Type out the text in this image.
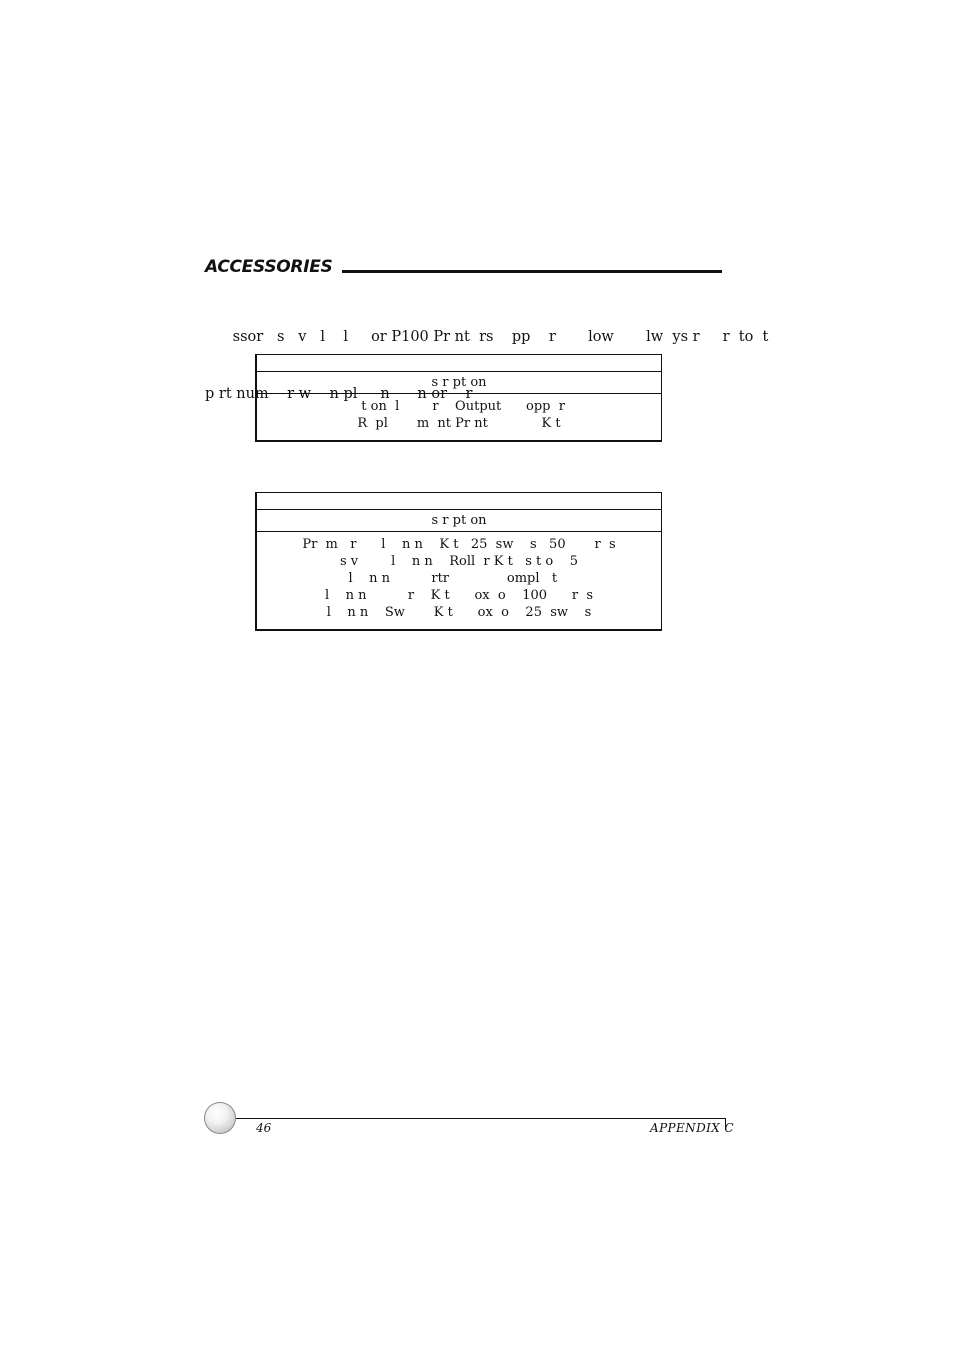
ACCESSORIES

ssor   s   v   l    l     or P100 Pr nt  rs    pp    r       low       lw  ys r     r  to  t

p rt num    r w    n pl     n      n or    r

s r pt on
t on  l        r    Output      opp  r
R  pl       m  nt Pr nt             K t
s r pt on
Pr  m   r      l    n n    K t   25  sw    s   50       r  s
s v        l    n n    Roll  r K t   s t o    5
l    n n          rtr              ompl   t
l    n n          r    K t      ox  o    100      r  s
l    n n    Sw       K t      ox  o    25  sw    s
46	APPENDIX C
